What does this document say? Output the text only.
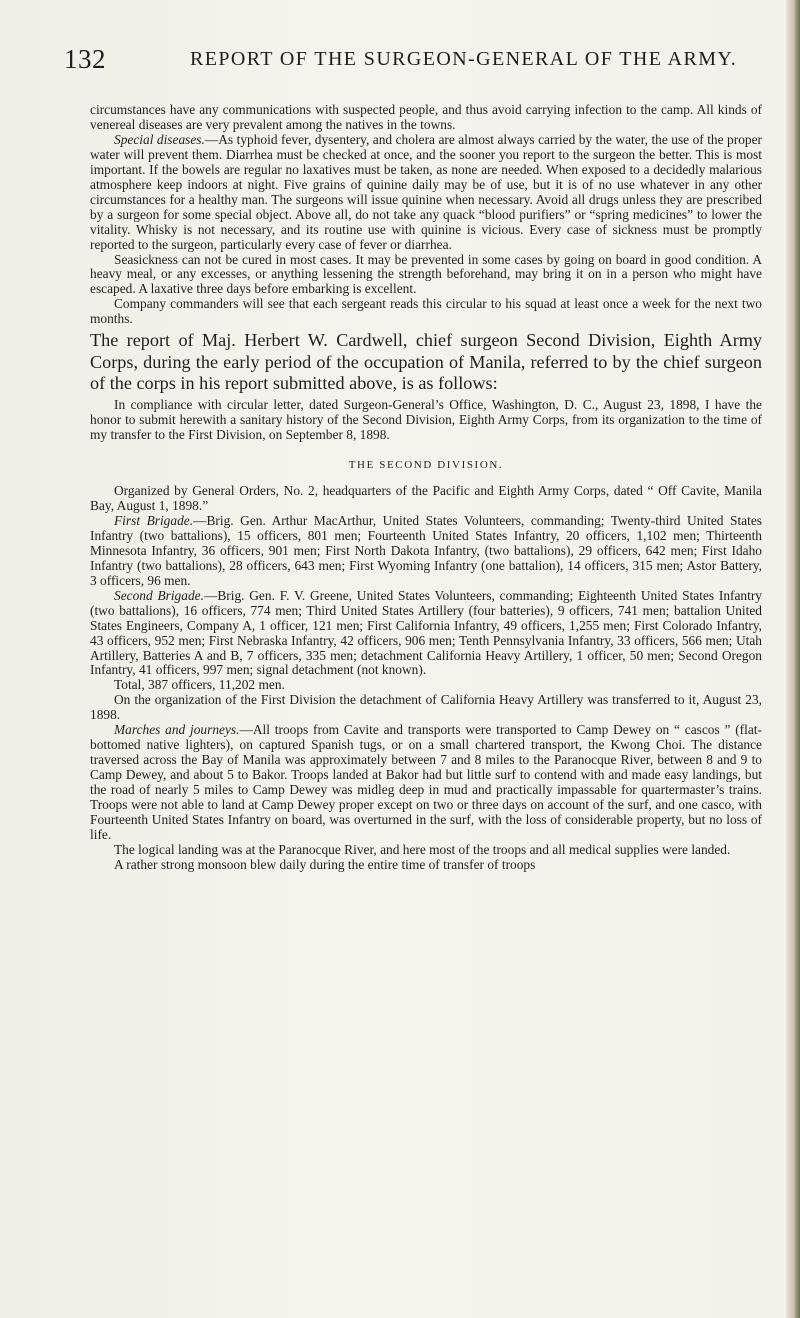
132	REPORT OF THE SURGEON-GENERAL OF THE ARMY.

circumstances have any communications with suspected people, and thus avoid carrying infection to the camp. All kinds of venereal diseases are very prevalent among the natives in the towns.

Special diseases.—As typhoid fever, dysentery, and cholera are almost always carried by the water, the use of the proper water will prevent them. Diarrhea must be checked at once, and the sooner you report to the surgeon the better. This is most important. If the bowels are regular no laxatives must be taken, as none are needed. When exposed to a decidedly malarious atmosphere keep indoors at night. Five grains of quinine daily may be of use, but it is of no use whatever in any other circumstances for a healthy man. The surgeons will issue quinine when necessary. Avoid all drugs unless they are prescribed by a surgeon for some special object. Above all, do not take any quack “blood purifiers” or “spring medicines” to lower the vitality. Whisky is not necessary, and its routine use with quinine is vicious. Every case of sickness must be promptly reported to the surgeon, particularly every case of fever or diarrhea.

Seasickness can not be cured in most cases. It may be prevented in some cases by going on board in good condition. A heavy meal, or any excesses, or anything lessening the strength beforehand, may bring it on in a person who might have escaped. A laxative three days before embarking is excellent.

Company commanders will see that each sergeant reads this circular to his squad at least once a week for the next two months.

The report of Maj. Herbert W. Cardwell, chief surgeon Second Division, Eighth Army Corps, during the early period of the occupation of Manila, referred to by the chief surgeon of the corps in his report submitted above, is as follows:

In compliance with circular letter, dated Surgeon-General’s Office, Washington, D. C., August 23, 1898, I have the honor to submit herewith a sanitary history of the Second Division, Eighth Army Corps, from its organization to the time of my transfer to the First Division, on September 8, 1898.

THE SECOND DIVISION.

Organized by General Orders, No. 2, headquarters of the Pacific and Eighth Army Corps, dated “ Off Cavite, Manila Bay, August 1, 1898.”

First Brigade.—Brig. Gen. Arthur MacArthur, United States Volunteers, commanding; Twenty-third United States Infantry (two battalions), 15 officers, 801 men; Fourteenth United States Infantry, 20 officers, 1,102 men; Thirteenth Minnesota Infantry, 36 officers, 901 men; First North Dakota Infantry, (two battalions), 29 officers, 642 men; First Idaho Infantry (two battalions), 28 officers, 643 men; First Wyoming Infantry (one battalion), 14 officers, 315 men; Astor Battery, 3 officers, 96 men.

Second Brigade.—Brig. Gen. F. V. Greene, United States Volunteers, commanding; Eighteenth United States Infantry (two battalions), 16 officers, 774 men; Third United States Artillery (four batteries), 9 officers, 741 men; battalion United States Engineers, Company A, 1 officer, 121 men; First California Infantry, 49 officers, 1,255 men; First Colorado Infantry, 43 officers, 952 men; First Nebraska Infantry, 42 officers, 906 men; Tenth Pennsylvania Infantry, 33 officers, 566 men; Utah Artillery, Batteries A and B, 7 officers, 335 men; detachment California Heavy Artillery, 1 officer, 50 men; Second Oregon Infantry, 41 officers, 997 men; signal detachment (not known).

Total, 387 officers, 11,202 men.

On the organization of the First Division the detachment of California Heavy Artillery was transferred to it, August 23, 1898.

Marches and journeys.—All troops from Cavite and transports were transported to Camp Dewey on “ cascos ” (flat-bottomed native lighters), on captured Spanish tugs, or on a small chartered transport, the Kwong Choi. The distance traversed across the Bay of Manila was approximately between 7 and 8 miles to the Paranocque River, between 8 and 9 to Camp Dewey, and about 5 to Bakor. Troops landed at Bakor had but little surf to contend with and made easy landings, but the road of nearly 5 miles to Camp Dewey was midleg deep in mud and practically impassable for quartermaster’s trains. Troops were not able to land at Camp Dewey proper except on two or three days on account of the surf, and one casco, with Fourteenth United States Infantry on board, was overturned in the surf, with the loss of considerable property, but no loss of life.

The logical landing was at the Paranocque River, and here most of the troops and all medical supplies were landed.

A rather strong monsoon blew daily during the entire time of transfer of troops
